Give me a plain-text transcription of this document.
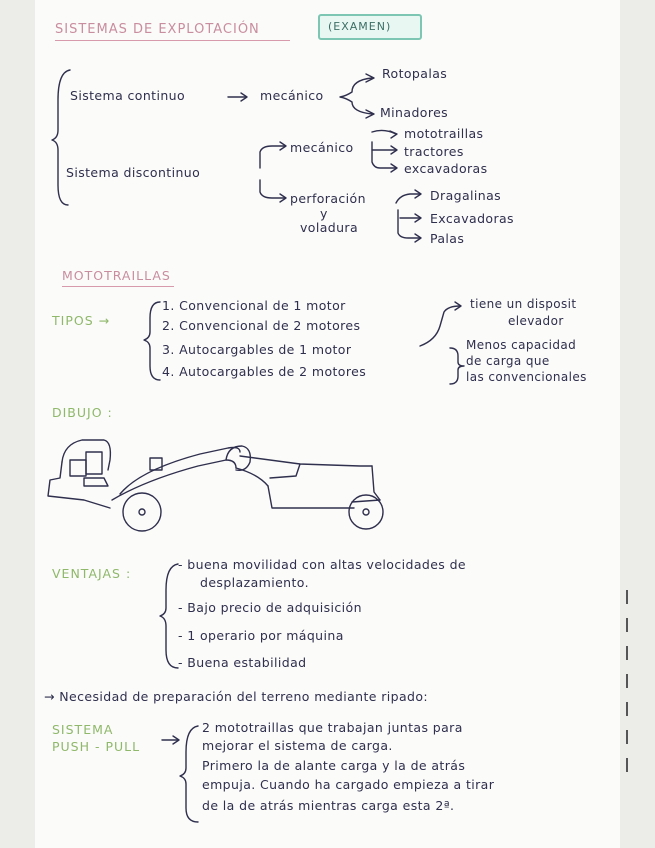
SISTEMAS DE EXPLOTACIÓN	(EXAMEN)
Sistema continuo	mecánico
Rotopalas
Minadores
Sistema discontinuo
mecánico
mototraillas
tractores
excavadoras
perforación
y
voladura
Dragalinas
Excavadoras
Palas
MOTOTRAILLAS
TIPOS →
1. Convencional de 1 motor
2. Convencional de 2 motores
3. Autocargables de 1 motor
4. Autocargables de 2 motores
tiene un disposit
elevador
Menos capacidad
de carga que
las convencionales
DIBUJO :
VENTAJAS :
- buena movilidad con altas velocidades de
desplazamiento.
- Bajo precio de adquisición
- 1 operario por máquina
- Buena estabilidad
→ Necesidad de preparación del terreno mediante ripado:
SISTEMA
PUSH - PULL
2 mototraillas que trabajan juntas para
mejorar el sistema de carga.
Primero la de alante carga y la de atrás
empuja. Cuando ha cargado empieza a tirar
de la de atrás mientras carga esta 2ª.
